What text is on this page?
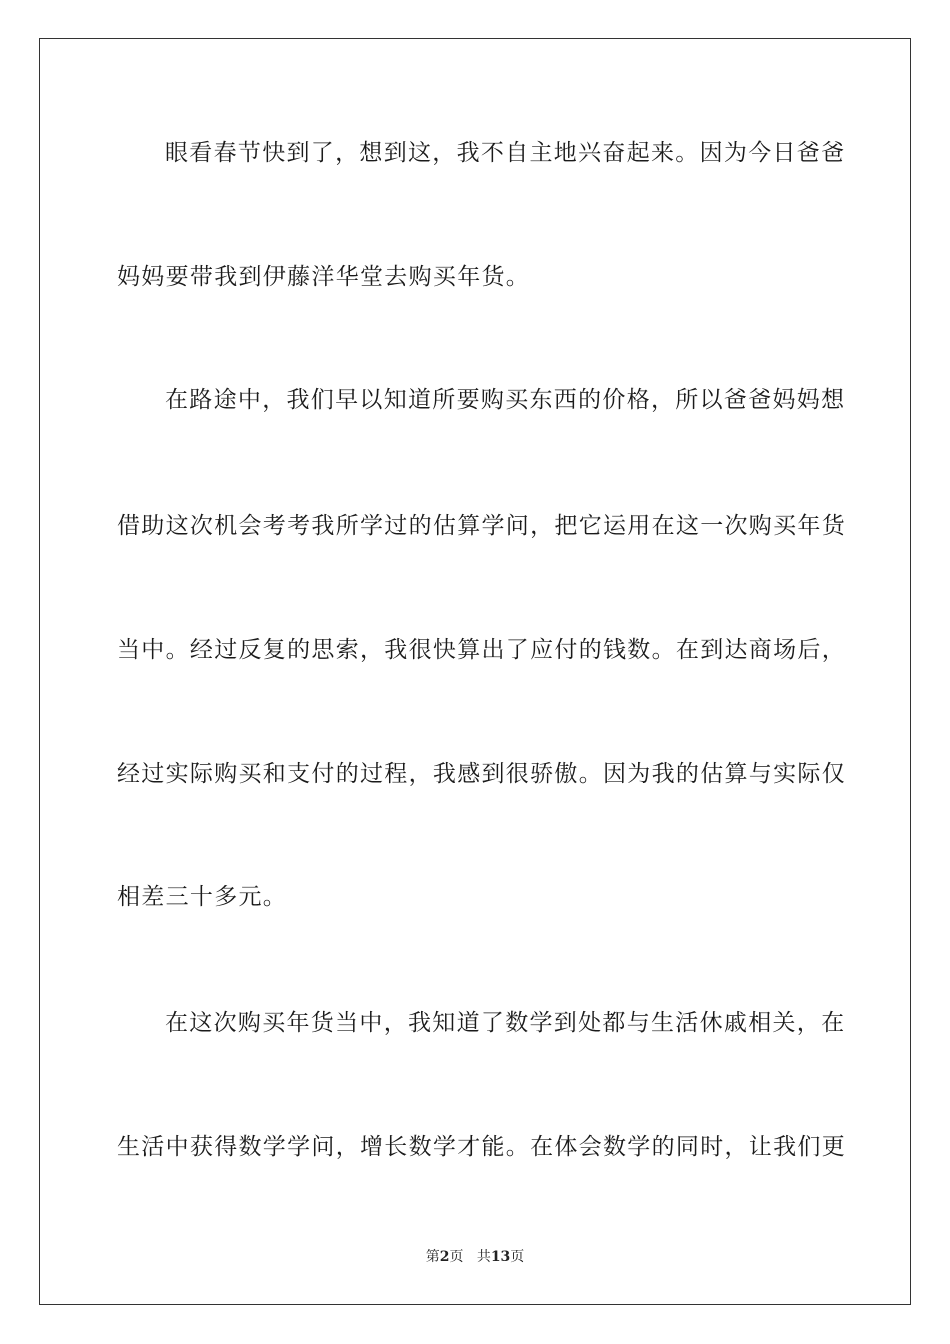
眼看春节快到了，想到这，我不自主地兴奋起来。因为今日爸爸
妈妈要带我到伊藤洋华堂去购买年货。
在路途中，我们早以知道所要购买东西的价格，所以爸爸妈妈想
借助这次机会考考我所学过的估算学问，把它运用在这一次购买年货
当中。经过反复的思索，我很快算出了应付的钱数。在到达商场后，
经过实际购买和支付的过程，我感到很骄傲。因为我的估算与实际仅
相差三十多元。
在这次购买年货当中，我知道了数学到处都与生活休戚相关，在
生活中获得数学学问，增长数学才能。在体会数学的同时，让我们更
第2页 共13页
